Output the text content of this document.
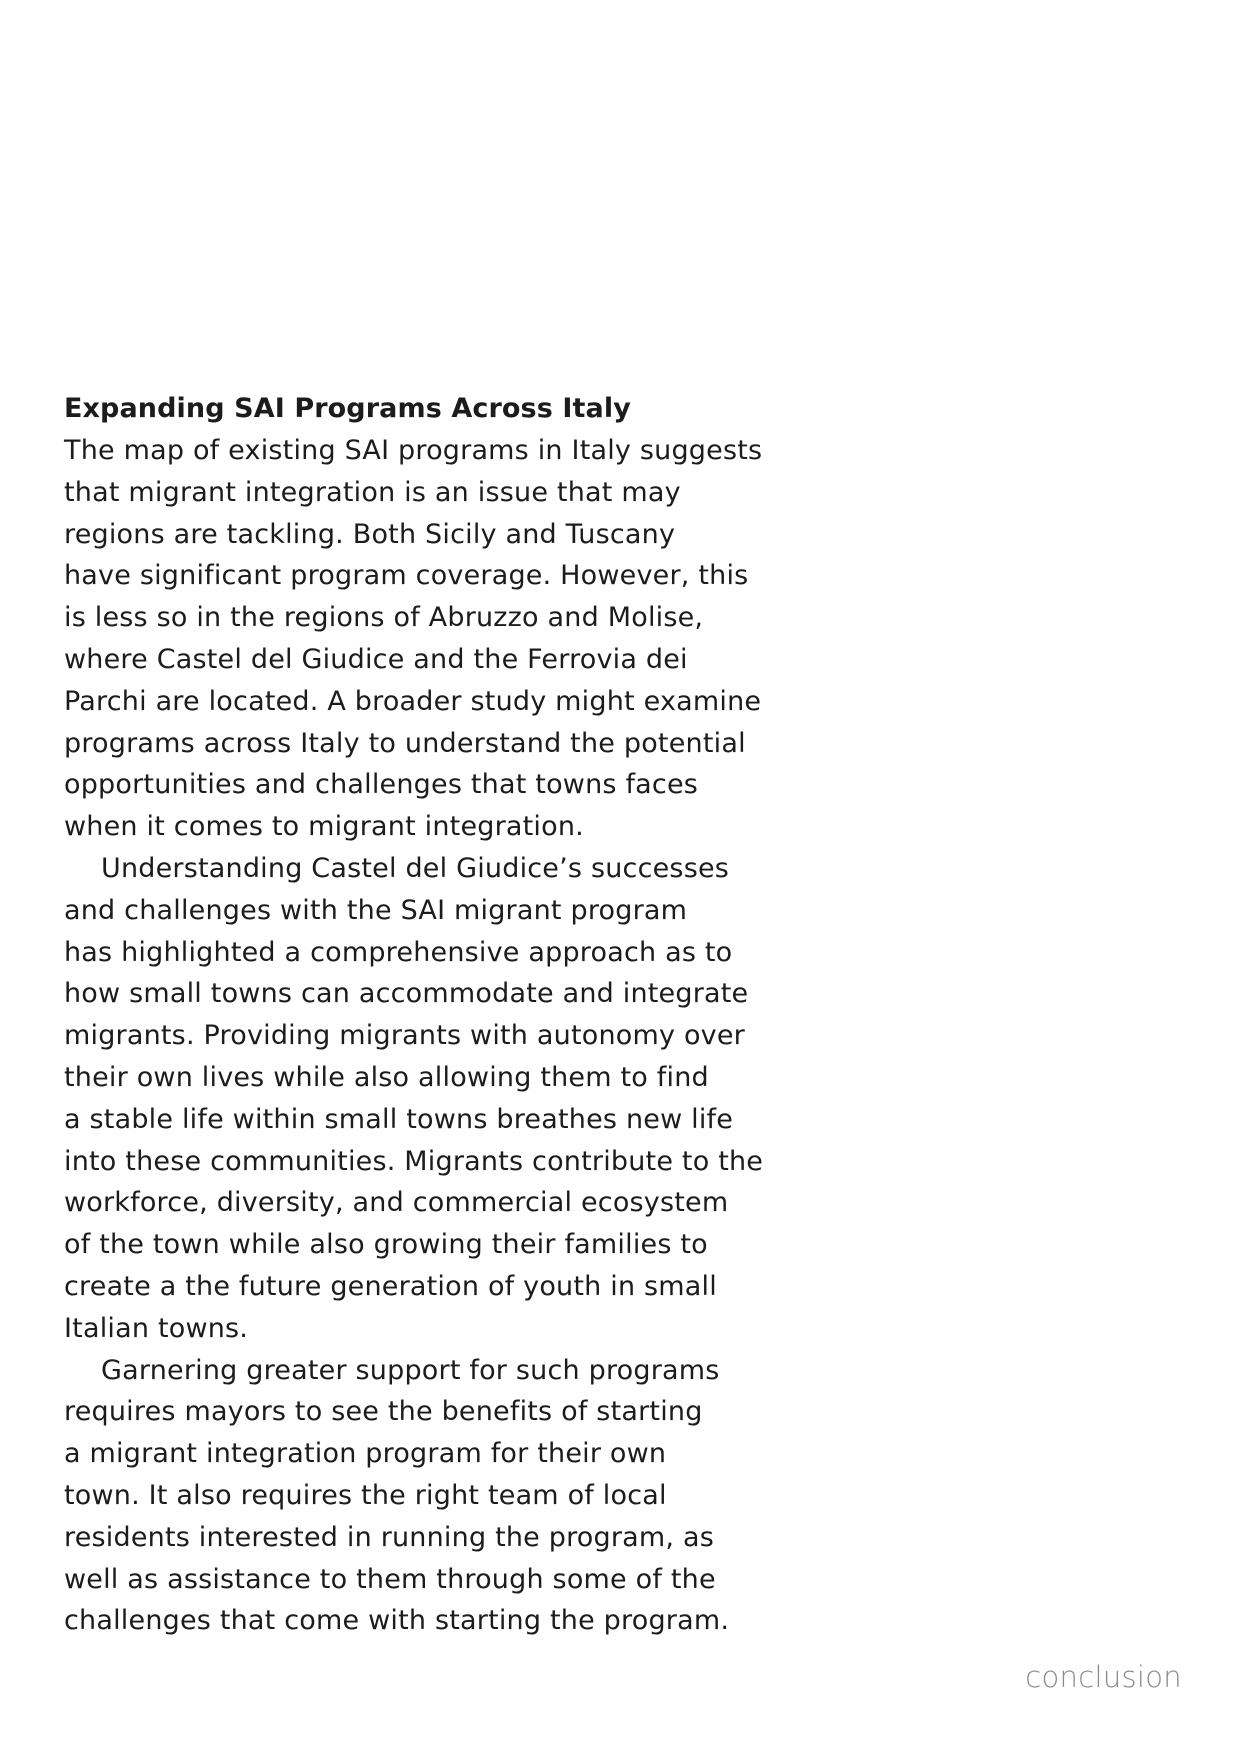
Expanding SAI Programs Across Italy

The map of existing SAI programs in Italy suggests
that migrant integration is an issue that may
regions are tackling. Both Sicily and Tuscany
have significant program coverage. However, this
is less so in the regions of Abruzzo and Molise,
where Castel del Giudice and the Ferrovia dei
Parchi are located. A broader study might examine
programs across Italy to understand the potential
opportunities and challenges that towns faces
when it comes to migrant integration.

Understanding Castel del Giudice’s successes
and challenges with the SAI migrant program
has highlighted a comprehensive approach as to
how small towns can accommodate and integrate
migrants. Providing migrants with autonomy over
their own lives while also allowing them to find
a stable life within small towns breathes new life
into these communities. Migrants contribute to the
workforce, diversity, and commercial ecosystem
of the town while also growing their families to
create a the future generation of youth in small
Italian towns.

Garnering greater support for such programs
requires mayors to see the benefits of starting
a migrant integration program for their own
town. It also requires the right team of local
residents interested in running the program, as
well as assistance to them through some of the
challenges that come with starting the program.

conclusion
